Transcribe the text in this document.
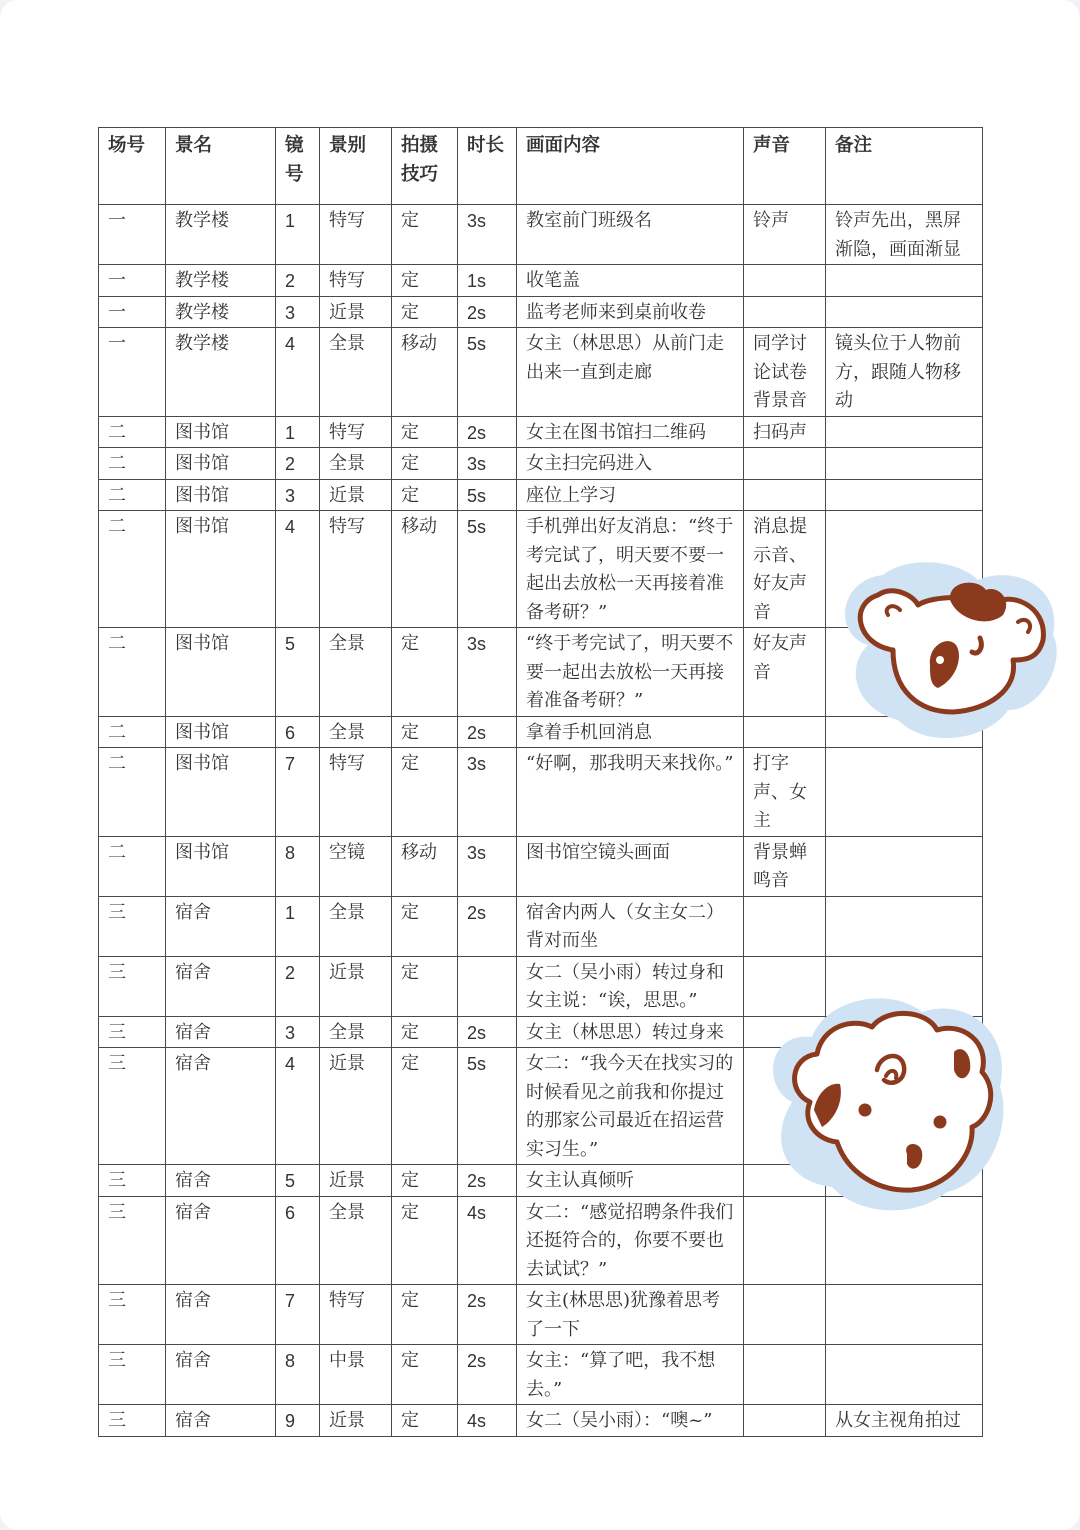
场号	景名	镜号	景别	拍摄技巧	时长	画面内容	声音	备注
一	教学楼	1	特写	定	3s	教室前门班级名	铃声	铃声先出，黑屏渐隐，画面渐显
一	教学楼	2	特写	定	1s	收笔盖		
一	教学楼	3	近景	定	2s	监考老师来到桌前收卷		
一	教学楼	4	全景	移动	5s	女主（林思思）从前门走出来一直到走廊	同学讨论试卷背景音	镜头位于人物前方，跟随人物移动
二	图书馆	1	特写	定	2s	女主在图书馆扫二维码	扫码声	
二	图书馆	2	全景	定	3s	女主扫完码进入		
二	图书馆	3	近景	定	5s	座位上学习		
二	图书馆	4	特写	移动	5s	手机弹出好友消息：“终于考完试了，明天要不要一起出去放松一天再接着准备考研？”	消息提示音、好友声音	
二	图书馆	5	全景	定	3s	“终于考完试了，明天要不要一起出去放松一天再接着准备考研？”	好友声音	
二	图书馆	6	全景	定	2s	拿着手机回消息		
二	图书馆	7	特写	定	3s	“好啊，那我明天来找你。”	打字声、女主	
二	图书馆	8	空镜	移动	3s	图书馆空镜头画面	背景蝉鸣音	
三	宿舍	1	全景	定	2s	宿舍内两人（女主女二）背对而坐		
三	宿舍	2	近景	定		女二（吴小雨）转过身和女主说：“诶，思思。”		
三	宿舍	3	全景	定	2s	女主（林思思）转过身来		
三	宿舍	4	近景	定	5s	女二：“我今天在找实习的时候看见之前我和你提过的那家公司最近在招运营实习生。”		
三	宿舍	5	近景	定	2s	女主认真倾听		
三	宿舍	6	全景	定	4s	女二：“感觉招聘条件我们还挺符合的，你要不要也去试试？”		
三	宿舍	7	特写	定	2s	女主(林思思)犹豫着思考了一下		
三	宿舍	8	中景	定	2s	女主：“算了吧，我不想去。”		
三	宿舍	9	近景	定	4s	女二（吴小雨）：“噢~”		从女主视角拍过
